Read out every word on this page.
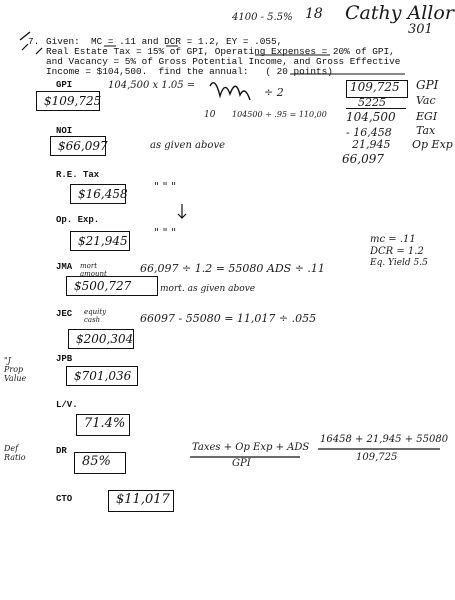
4100 - 5.5% 18 Cathy Allor
301
7. Given:  MC = .11 and DCR = 1.2, EY = .055,
Real Estate Tax = 15% of GPI, Operating Expenses = 20% of GPI,
and Vacancy = 5% of Gross Potential Income, and Gross Effective
Income = $104,500.  find the annual:   ( 20 points)
GPI
$109,725
NOI
$66,097
R.E. Tax
$16,458
Op. Exp.
$21,945
JMA
$500,727
JEC
$200,304
JPB
$701,036
L/V.
71.4%
DR
85%
CTO	$11,017
104,500 x 1.05 =
÷ 2
10 104500 ÷ .95 = 110,00
109,725 GPI
5225	Vac
104,500 EGI
- 16,458 Tax
21,945 Op Exp
66,097
as given above
" " "
" " "
mort amount	66,097 ÷ 1.2 = 55080 ADS ÷ .11
mort. as given above
equity cash	66097 - 55080 = 11,017 ÷ .055
mc = .11
DCR = 1.2
Eq. Yield 5.5
"J Prop Value
Def Ratio
Taxes + Op Exp + ADS
GPI
16458 + 21,945 + 55080
109,725
